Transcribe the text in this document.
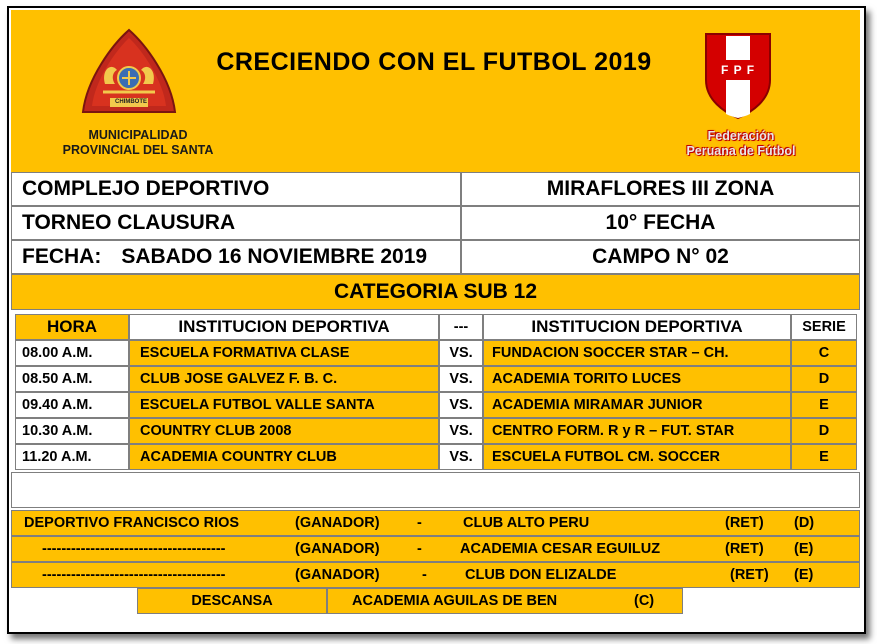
CHIMBOTE
MUNICIPALIDAD
PROVINCIAL DEL SANTA
CRECIENDO CON EL FUTBOL 2019	F P F
Federación
Peruana de Fútbol
COMPLEJO DEPORTIVO	MIRAFLORES III ZONA
TORNEO CLAUSURA	10° FECHA
FECHA: SABADO 16 NOVIEMBRE 2019	CAMPO N° 02
CATEGORIA SUB 12
HORA	INSTITUCION DEPORTIVA	---	INSTITUCION DEPORTIVA	SERIE
08.00 A.M.	ESCUELA FORMATIVA CLASE	VS.	FUNDACION SOCCER STAR – CH.	C
08.50 A.M.	CLUB JOSE GALVEZ F. B. C.	VS.	ACADEMIA TORITO LUCES	D
09.40 A.M.	ESCUELA FUTBOL VALLE SANTA	VS.	ACADEMIA MIRAMAR JUNIOR	E
10.30 A.M.	COUNTRY CLUB 2008	VS.	CENTRO FORM. R y R – FUT. STAR	D
11.20 A.M.	ACADEMIA COUNTRY CLUB	VS.	ESCUELA FUTBOL CM. SOCCER	E
DEPORTIVO FRANCISCO RIOS	(GANADOR)	-	CLUB ALTO PERU	(RET) (D)
--------------------------------------	(GANADOR)	-	ACADEMIA CESAR EGUILUZ	(RET) (E)
--------------------------------------	(GANADOR)	-	CLUB DON ELIZALDE	(RET) (E)
DESCANSA	ACADEMIA AGUILAS DE BEN	(C)
